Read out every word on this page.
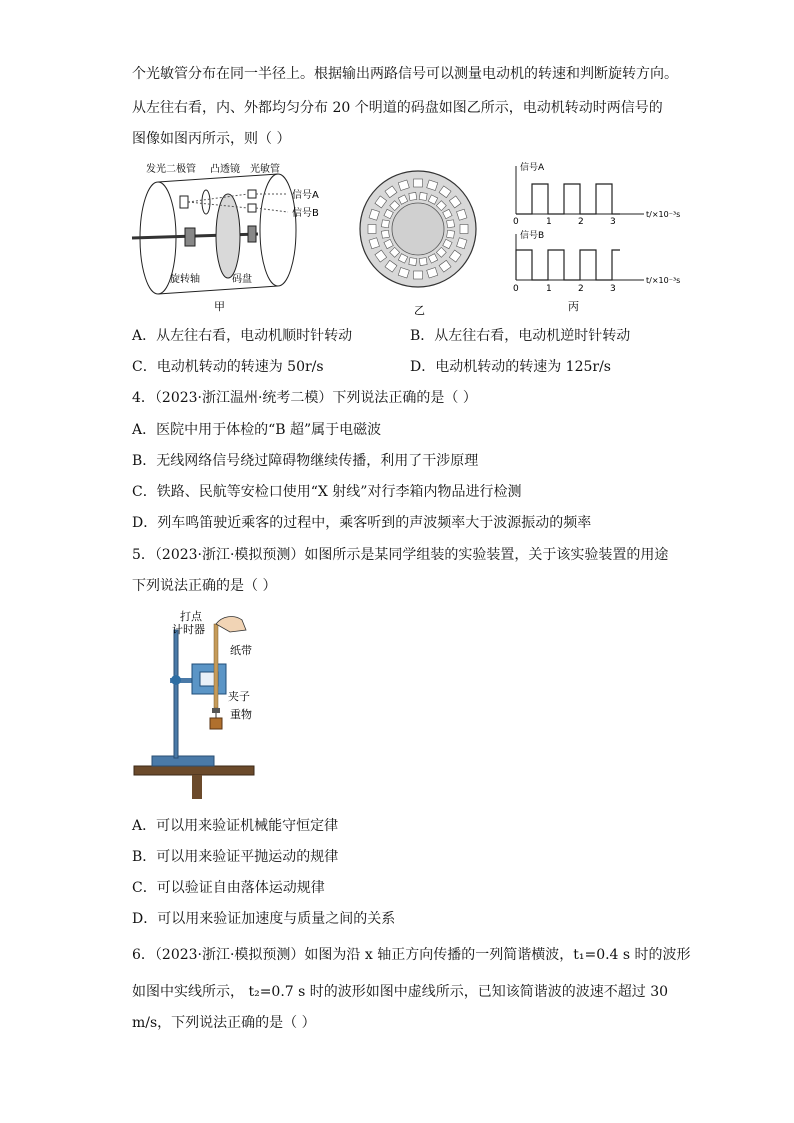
个光敏管分布在同一半径上。根据输出两路信号可以测量电动机的转速和判断旋转方向。
从左往右看，内、外都均匀分布 20 个明道的码盘如图乙所示，电动机转动时两信号的
图像如图丙所示，则（ ）
发光二极管 凸透镜 光敏管
信号A
信号B
旋转轴	码盘
甲	乙
信号A
0	1	2	3
t/×10⁻³s
信号B
0	1	2	3
t/×10⁻³s
丙
A．从左往右看，电动机顺时针转动	B．从左往右看，电动机逆时针转动
C．电动机转动的转速为 50r/s	D．电动机转动的转速为 125r/s
4．（2023·浙江温州·统考二模）下列说法正确的是（ ）
A．医院中用于体检的“B 超”属于电磁波
B．无线网络信号绕过障碍物继续传播，利用了干涉原理
C．铁路、民航等安检口使用“X 射线”对行李箱内物品进行检测
D．列车鸣笛驶近乘客的过程中，乘客听到的声波频率大于波源振动的频率
5．（2023·浙江·模拟预测）如图所示是某同学组装的实验装置，关于该实验装置的用途
下列说法正确的是（ ）
打点
计时器
纸带
夹子
重物
A．可以用来验证机械能守恒定律
B．可以用来验证平抛运动的规律
C．可以验证自由落体运动规律
D．可以用来验证加速度与质量之间的关系
6．（2023·浙江·模拟预测）如图为沿 x 轴正方向传播的一列简谐横波，t₁=0.4 s 时的波形
如图中实线所示， t₂=0.7 s 时的波形如图中虚线所示，已知该简谐波的波速不超过 30
m/s，下列说法正确的是（ ）
